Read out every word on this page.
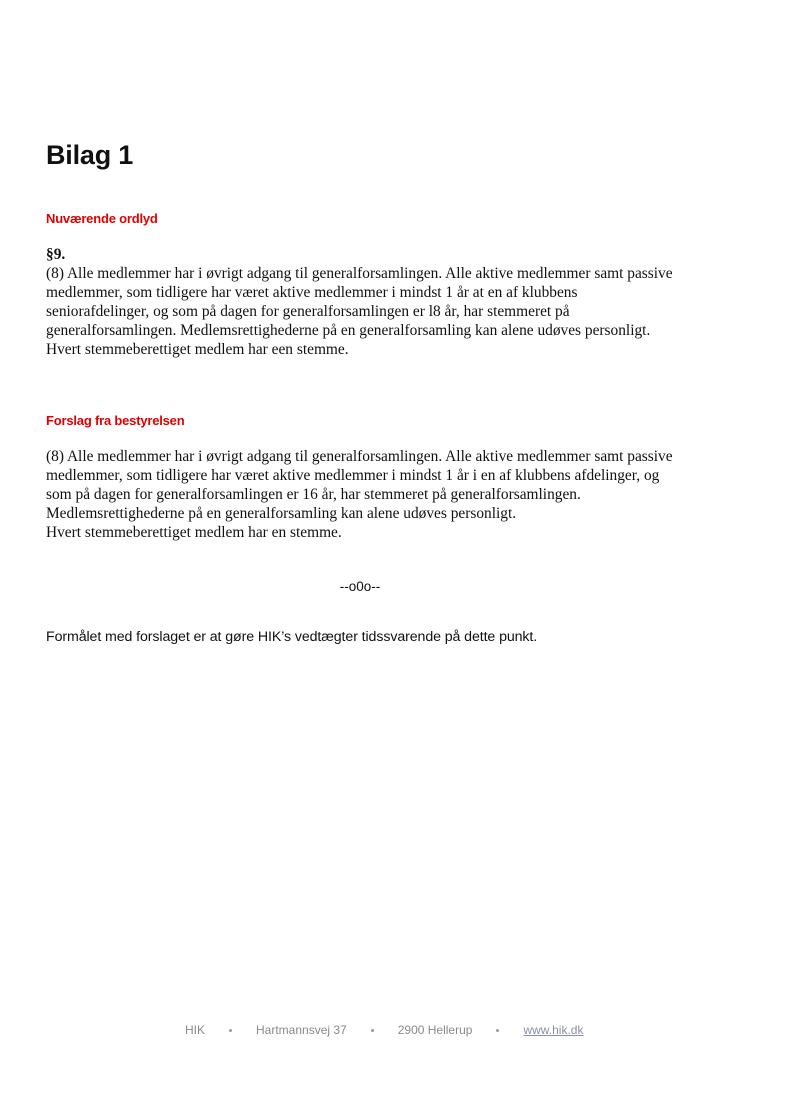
Bilag 1
Nuværende ordlyd

§9.

(8) Alle medlemmer har i øvrigt adgang til generalforsamlingen. Alle aktive medlemmer samt passive

medlemmer, som tidligere har været aktive medlemmer i mindst 1 år at en af klubbens

seniorafdelinger, og som på dagen for generalforsamlingen er l8 år, har stemmeret på

generalforsamlingen. Medlemsrettighederne på en generalforsamling kan alene udøves personligt.

Hvert stemmeberettiget medlem har een stemme.

Forslag fra bestyrelsen

(8) Alle medlemmer har i øvrigt adgang til generalforsamlingen. Alle aktive medlemmer samt passive

medlemmer, som tidligere har været aktive medlemmer i mindst 1 år i en af klubbens afdelinger, og

som på dagen for generalforsamlingen er 16 år, har stemmeret på generalforsamlingen.

Medlemsrettighederne på en generalforsamling kan alene udøves personligt.

Hvert stemmeberettiget medlem har en stemme.

--o0o--

Formålet med forslaget er at gøre HIK’s vedtægter tidssvarende på dette punkt.

HIK	Hartmannsvej 37	2900 Hellerup	www.hik.dk
